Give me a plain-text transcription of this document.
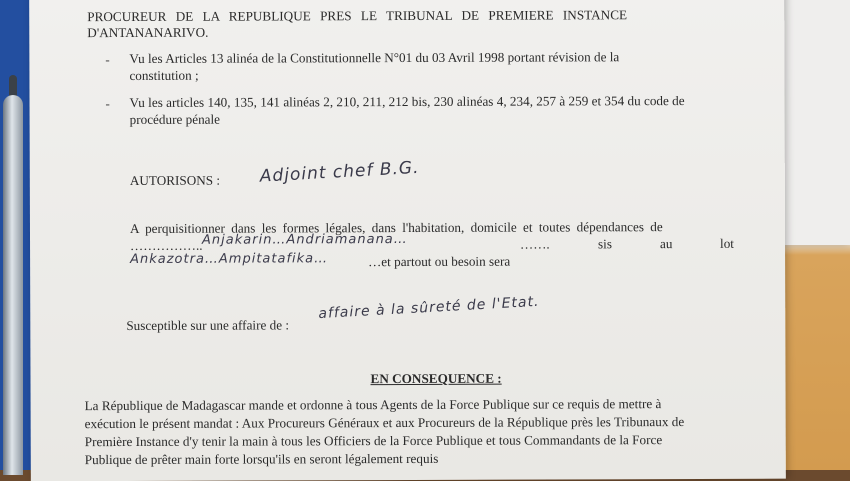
PROCUREUR DE LA REPUBLIQUE PRES LE TRIBUNAL DE PREMIERE INSTANCE
D'ANTANANARIVO.
- Vu les Articles 13 alinéa de la Constitutionnelle N°01 du 03 Avril 1998 portant révision de la
constitution ;
- Vu les articles 140, 135, 141 alinéas 2, 210, 211, 212 bis, 230 alinéas 4, 234, 257 à 259 et 354 du code de
procédure pénale
AUTORISONS : Adjoint chef B.G.
A perquisitionner dans les formes légales, dans l'habitation, domicile et toutes dépendances de
…………….. Anjakarin…Andriamanana…	…….	sis	au	lot
Ankazotra…Ampitatafika…	…et partout ou besoin sera
Susceptible sur une affaire de :
affaire à la sûreté de l'Etat.
EN CONSEQUENCE :
La République de Madagascar mande et ordonne à tous Agents de la Force Publique sur ce requis de mettre à
exécution le présent mandat : Aux Procureurs Généraux et aux Procureurs de la République près les Tribunaux de
Première Instance d'y tenir la main à tous les Officiers de la Force Publique et tous Commandants de la Force
Publique de prêter main forte lorsqu'ils en seront légalement requis
